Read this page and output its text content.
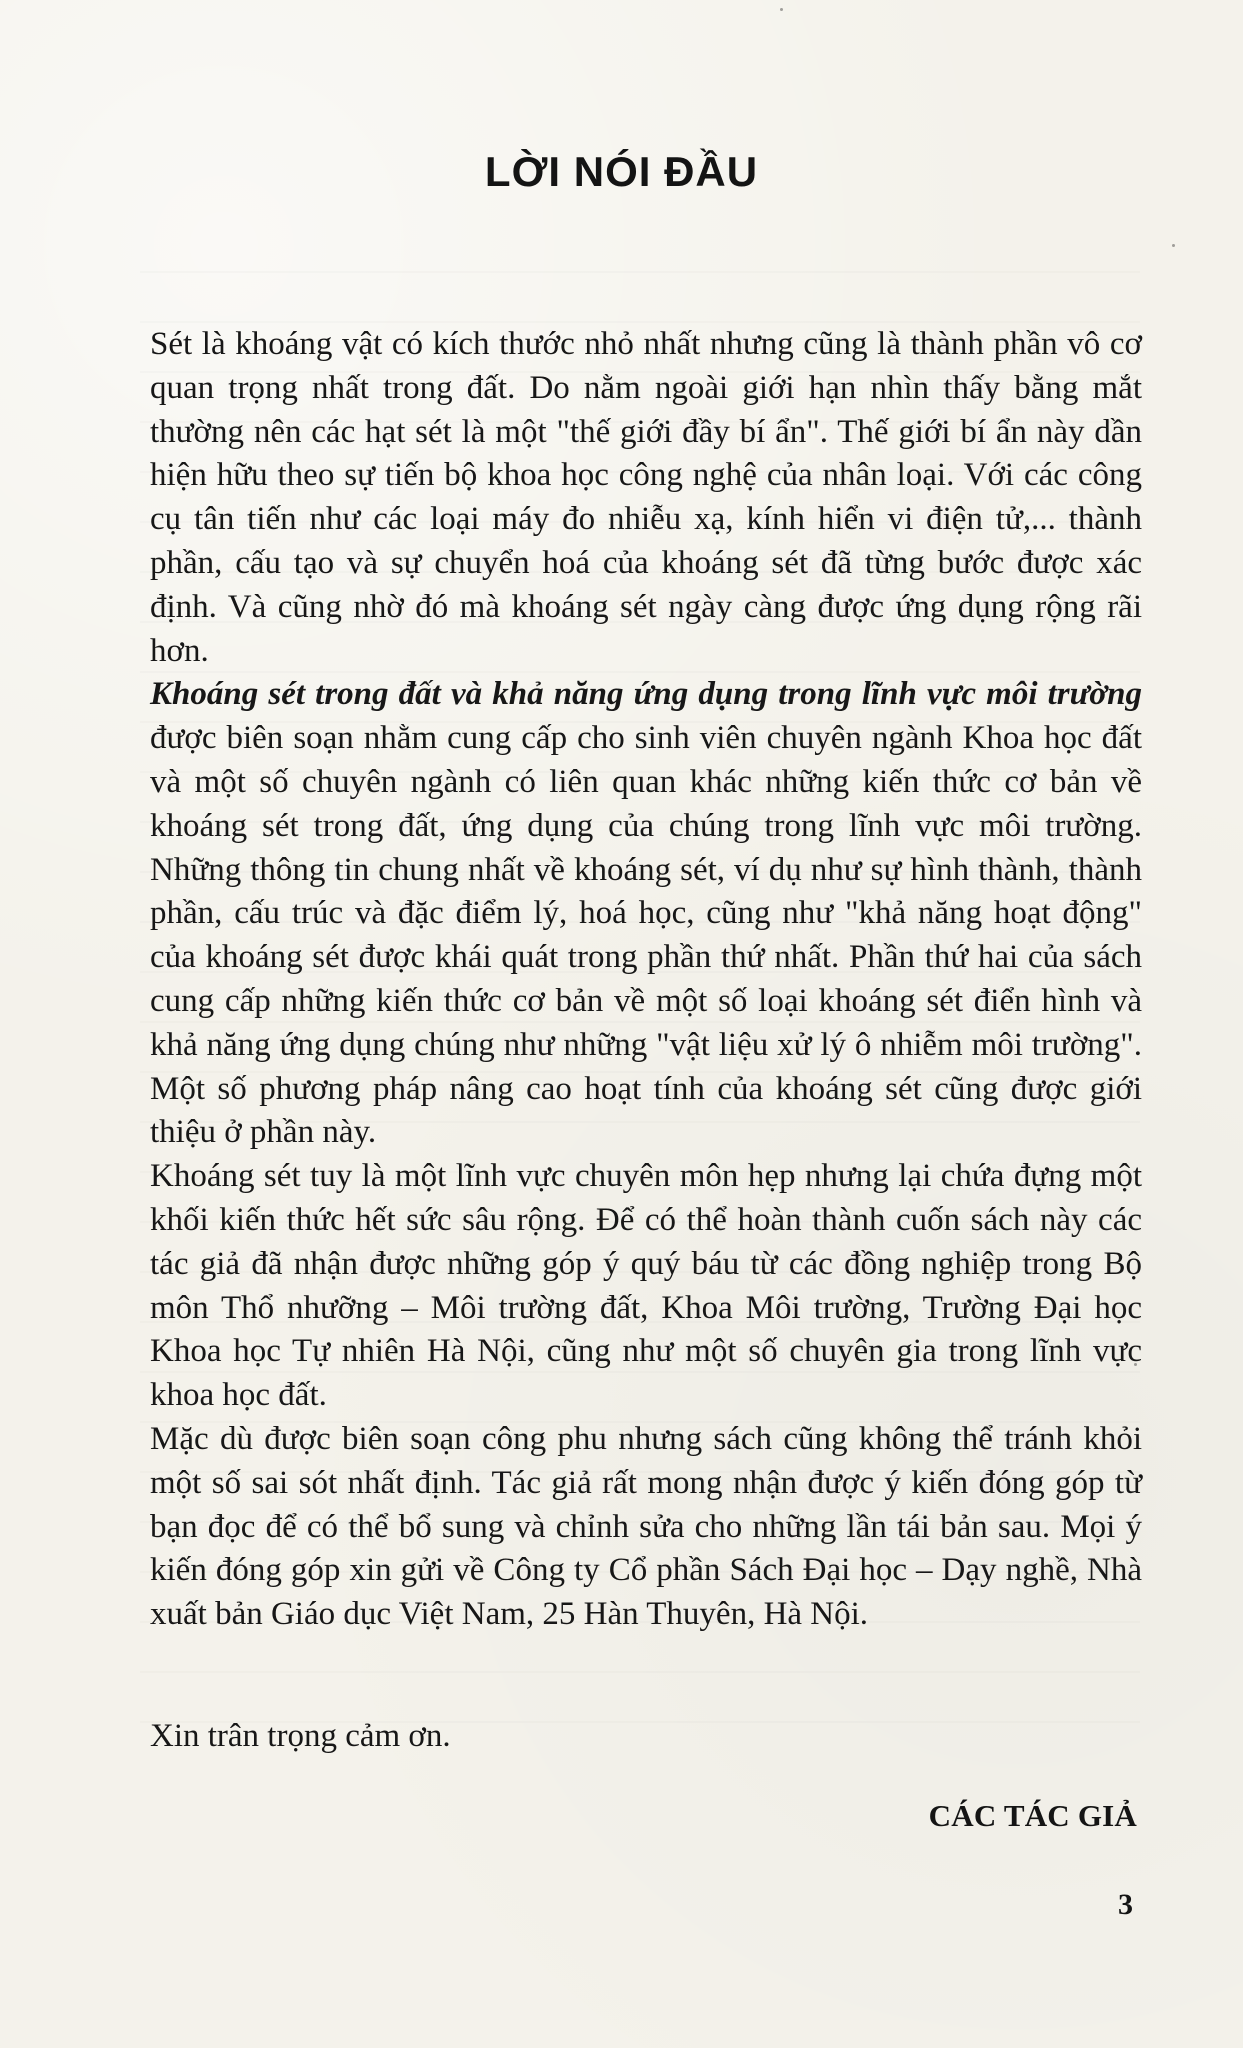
LỜI NÓI ĐẦU

Sét là khoáng vật có kích thước nhỏ nhất nhưng cũng là thành phần vô cơ quan trọng nhất trong đất. Do nằm ngoài giới hạn nhìn thấy bằng mắt thường nên các hạt sét là một "thế giới đầy bí ẩn". Thế giới bí ẩn này dần hiện hữu theo sự tiến bộ khoa học công nghệ của nhân loại. Với các công cụ tân tiến như các loại máy đo nhiễu xạ, kính hiển vi điện tử,... thành phần, cấu tạo và sự chuyển hoá của khoáng sét đã từng bước được xác định. Và cũng nhờ đó mà khoáng sét ngày càng được ứng dụng rộng rãi hơn.

Khoáng sét trong đất và khả năng ứng dụng trong lĩnh vực môi trường được biên soạn nhằm cung cấp cho sinh viên chuyên ngành Khoa học đất và một số chuyên ngành có liên quan khác những kiến thức cơ bản về khoáng sét trong đất, ứng dụng của chúng trong lĩnh vực môi trường. Những thông tin chung nhất về khoáng sét, ví dụ như sự hình thành, thành phần, cấu trúc và đặc điểm lý, hoá học, cũng như "khả năng hoạt động" của khoáng sét được khái quát trong phần thứ nhất. Phần thứ hai của sách cung cấp những kiến thức cơ bản về một số loại khoáng sét điển hình và khả năng ứng dụng chúng như những "vật liệu xử lý ô nhiễm môi trường". Một số phương pháp nâng cao hoạt tính của khoáng sét cũng được giới thiệu ở phần này.

Khoáng sét tuy là một lĩnh vực chuyên môn hẹp nhưng lại chứa đựng một khối kiến thức hết sức sâu rộng. Để có thể hoàn thành cuốn sách này các tác giả đã nhận được những góp ý quý báu từ các đồng nghiệp trong Bộ môn Thổ nhưỡng – Môi trường đất, Khoa Môi trường, Trường Đại học Khoa học Tự nhiên Hà Nội, cũng như một số chuyên gia trong lĩnh vực khoa học đất.

Mặc dù được biên soạn công phu nhưng sách cũng không thể tránh khỏi một số sai sót nhất định. Tác giả rất mong nhận được ý kiến đóng góp từ bạn đọc để có thể bổ sung và chỉnh sửa cho những lần tái bản sau. Mọi ý kiến đóng góp xin gửi về Công ty Cổ phần Sách Đại học – Dạy nghề, Nhà xuất bản Giáo dục Việt Nam, 25 Hàn Thuyên, Hà Nội.

Xin trân trọng cảm ơn.
CÁC TÁC GIẢ
3
